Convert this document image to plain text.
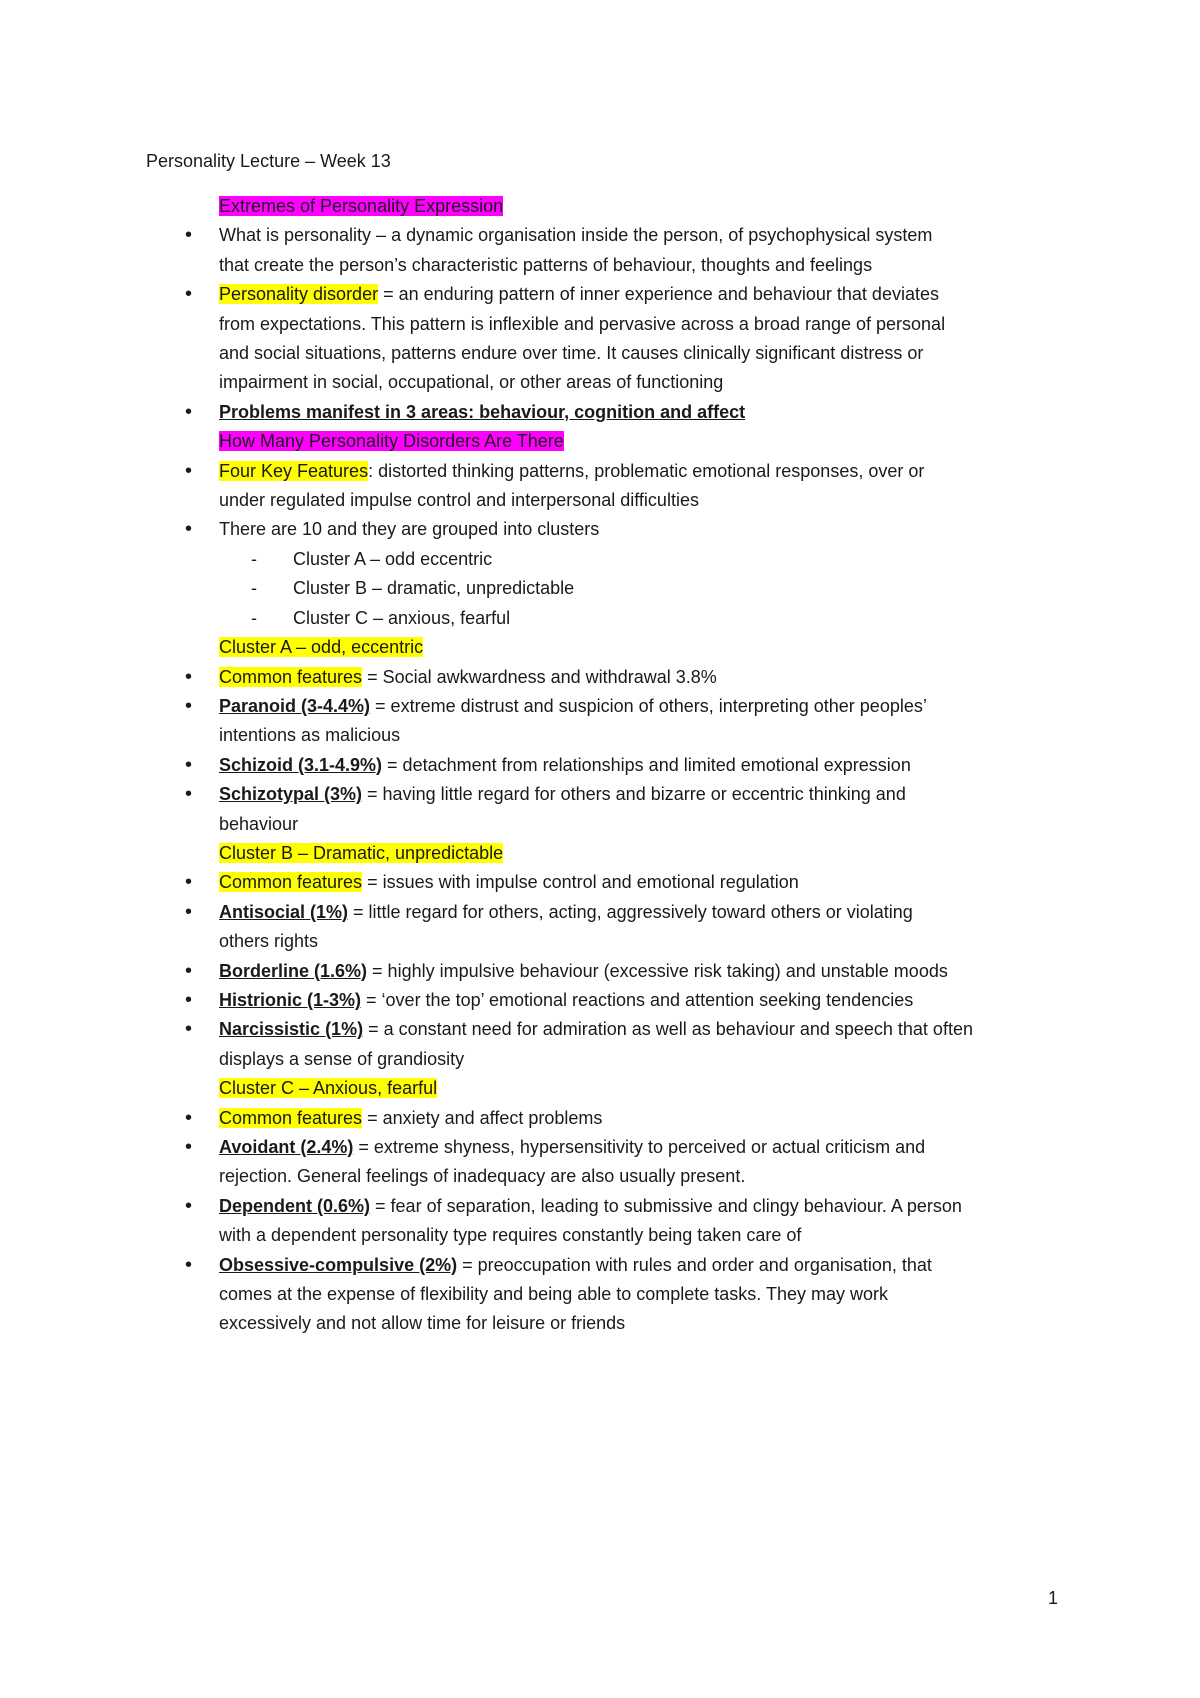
Personality Lecture – Week 13
Extremes of Personality Expression
• What is personality – a dynamic organisation inside the person, of psychophysical system
that create the person’s characteristic patterns of behaviour, thoughts and feelings
• Personality disorder = an enduring pattern of inner experience and behaviour that deviates
from expectations. This pattern is inflexible and pervasive across a broad range of personal
and social situations, patterns endure over time. It causes clinically significant distress or
impairment in social, occupational, or other areas of functioning
• Problems manifest in 3 areas: behaviour, cognition and affect
How Many Personality Disorders Are There
• Four Key Features: distorted thinking patterns, problematic emotional responses, over or
under regulated impulse control and interpersonal difficulties
• There are 10 and they are grouped into clusters
- Cluster A – odd eccentric
- Cluster B – dramatic, unpredictable
- Cluster C – anxious, fearful
Cluster A – odd, eccentric
• Common features = Social awkwardness and withdrawal 3.8%
• Paranoid (3-4.4%) = extreme distrust and suspicion of others, interpreting other peoples’
intentions as malicious
• Schizoid (3.1-4.9%) = detachment from relationships and limited emotional expression
• Schizotypal (3%) = having little regard for others and bizarre or eccentric thinking and
behaviour
Cluster B – Dramatic, unpredictable
• Common features = issues with impulse control and emotional regulation
• Antisocial (1%) = little regard for others, acting, aggressively toward others or violating
others rights
• Borderline (1.6%) = highly impulsive behaviour (excessive risk taking) and unstable moods
• Histrionic (1-3%) = ‘over the top’ emotional reactions and attention seeking tendencies
• Narcissistic (1%) = a constant need for admiration as well as behaviour and speech that often
displays a sense of grandiosity
Cluster C – Anxious, fearful
• Common features = anxiety and affect problems
• Avoidant (2.4%) = extreme shyness, hypersensitivity to perceived or actual criticism and
rejection. General feelings of inadequacy are also usually present.
• Dependent (0.6%) = fear of separation, leading to submissive and clingy behaviour. A person
with a dependent personality type requires constantly being taken care of
• Obsessive-compulsive (2%) = preoccupation with rules and order and organisation, that
comes at the expense of flexibility and being able to complete tasks. They may work
excessively and not allow time for leisure or friends
1
